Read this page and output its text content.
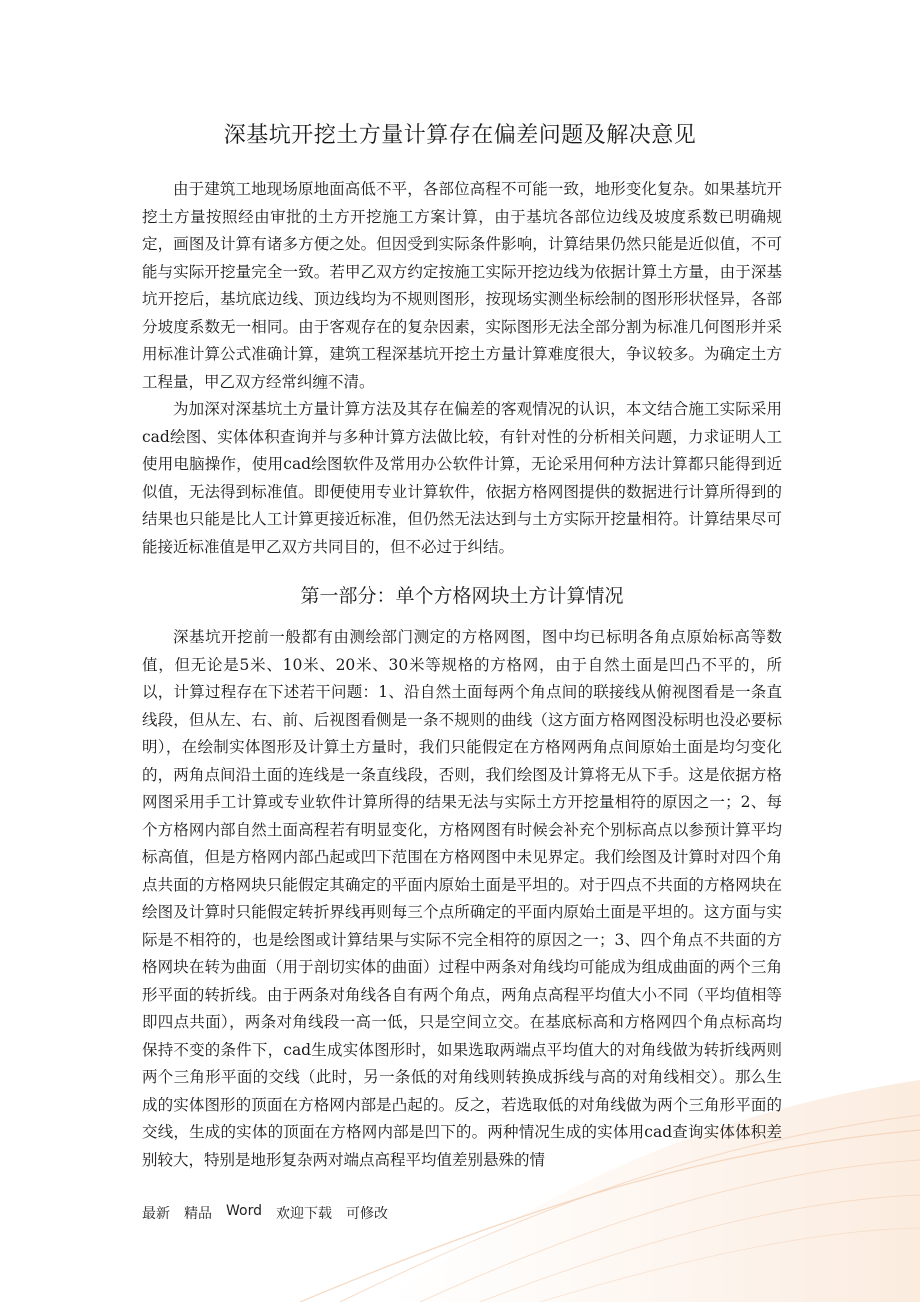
深基坑开挖土方量计算存在偏差问题及解决意见

由于建筑工地现场原地面高低不平，各部位高程不可能一致，地形变化复杂。如果基坑开挖土方量按照经由审批的土方开挖施工方案计算，由于基坑各部位边线及坡度系数已明确规定，画图及计算有诸多方便之处。但因受到实际条件影响，计算结果仍然只能是近似值，不可能与实际开挖量完全一致。若甲乙双方约定按施工实际开挖边线为依据计算土方量，由于深基坑开挖后，基坑底边线、顶边线均为不规则图形，按现场实测坐标绘制的图形形状怪异，各部分坡度系数无一相同。由于客观存在的复杂因素，实际图形无法全部分割为标准几何图形并采用标准计算公式准确计算，建筑工程深基坑开挖土方量计算难度很大，争议较多。为确定土方工程量，甲乙双方经常纠缠不清。

为加深对深基坑土方量计算方法及其存在偏差的客观情况的认识，本文结合施工实际采用cad绘图、实体体积查询并与多种计算方法做比较，有针对性的分析相关问题，力求证明人工使用电脑操作，使用cad绘图软件及常用办公软件计算，无论采用何种方法计算都只能得到近似值，无法得到标准值。即便使用专业计算软件，依据方格网图提供的数据进行计算所得到的结果也只能是比人工计算更接近标准，但仍然无法达到与土方实际开挖量相符。计算结果尽可能接近标准值是甲乙双方共同目的，但不必过于纠结。

第一部分：单个方格网块土方计算情况

深基坑开挖前一般都有由测绘部门测定的方格网图，图中均已标明各角点原始标高等数值，但无论是5米、10米、20米、30米等规格的方格网，由于自然土面是凹凸不平的，所以，计算过程存在下述若干问题：1、沿自然土面每两个角点间的联接线从俯视图看是一条直线段，但从左、右、前、后视图看侧是一条不规则的曲线（这方面方格网图没标明也没必要标明），在绘制实体图形及计算土方量时，我们只能假定在方格网两角点间原始土面是均匀变化的，两角点间沿土面的连线是一条直线段，否则，我们绘图及计算将无从下手。这是依据方格网图采用手工计算或专业软件计算所得的结果无法与实际土方开挖量相符的原因之一；2、每个方格网内部自然土面高程若有明显变化，方格网图有时候会补充个别标高点以参预计算平均标高值，但是方格网内部凸起或凹下范围在方格网图中未见界定。我们绘图及计算时对四个角点共面的方格网块只能假定其确定的平面内原始土面是平坦的。对于四点不共面的方格网块在绘图及计算时只能假定转折界线再则每三个点所确定的平面内原始土面是平坦的。这方面与实际是不相符的，也是绘图或计算结果与实际不完全相符的原因之一；3、四个角点不共面的方格网块在转为曲面（用于剖切实体的曲面）过程中两条对角线均可能成为组成曲面的两个三角形平面的转折线。由于两条对角线各自有两个角点，两角点高程平均值大小不同（平均值相等即四点共面），两条对角线段一高一低，只是空间立交。在基底标高和方格网四个角点标高均保持不变的条件下，cad生成实体图形时，如果选取两端点平均值大的对角线做为转折线两则两个三角形平面的交线（此时，另一条低的对角线则转换成拆线与高的对角线相交）。那么生成的实体图形的顶面在方格网内部是凸起的。反之，若选取低的对角线做为两个三角形平面的交线，生成的实体的顶面在方格网内部是凹下的。两种情况生成的实体用cad查询实体体积差别较大，特别是地形复杂两对端点高程平均值差别悬殊的情

最新 精品 Word 欢迎下载 可修改
